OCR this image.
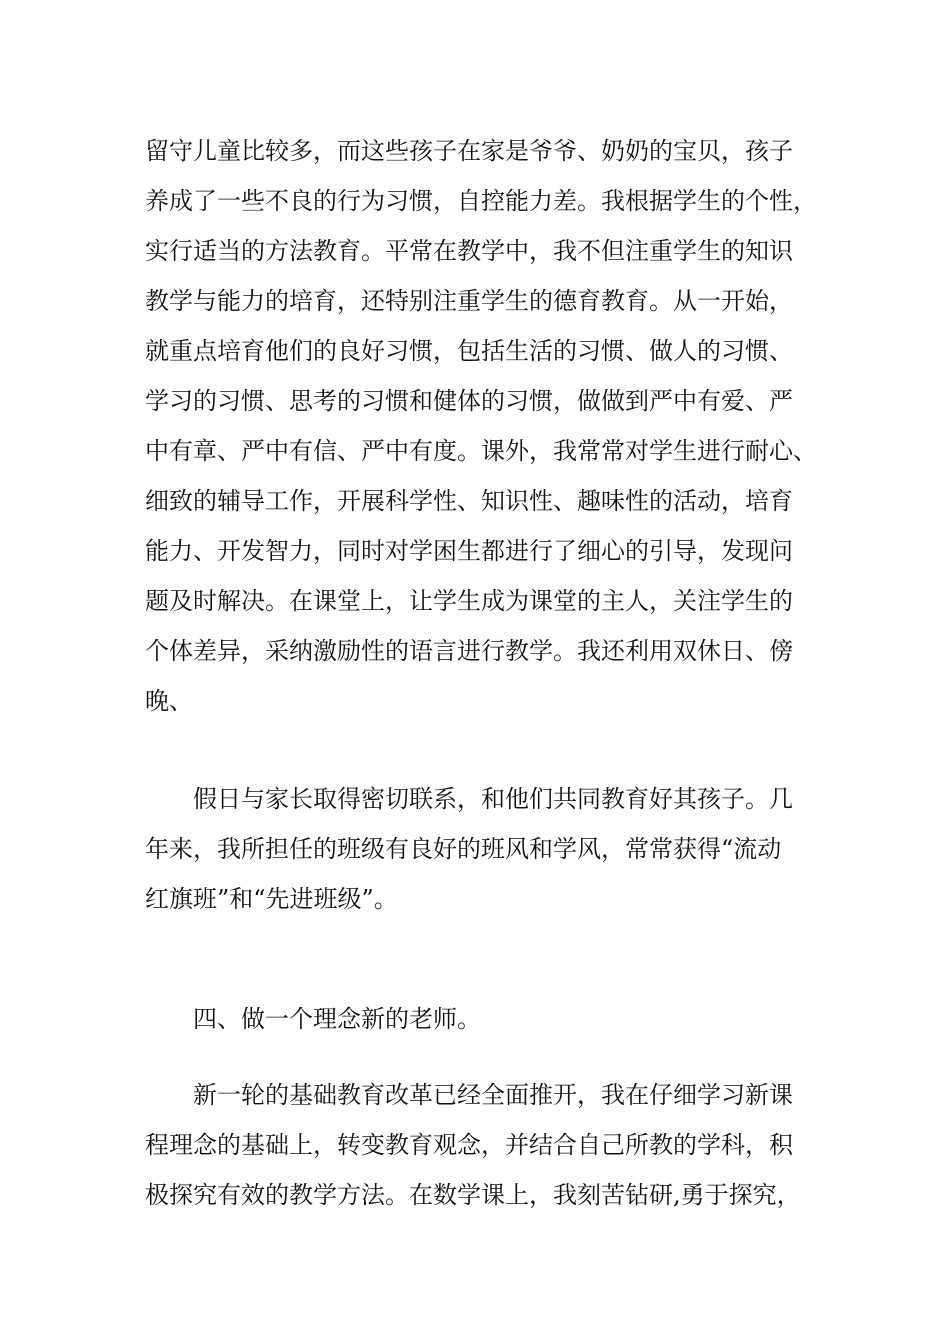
留守儿童比较多，而这些孩子在家是爷爷、奶奶的宝贝，孩子
养成了一些不良的行为习惯，自控能力差。我根据学生的个性，
实行适当的方法教育。平常在教学中，我不但注重学生的知识
教学与能力的培育，还特别注重学生的德育教育。从一开始，
就重点培育他们的良好习惯，包括生活的习惯、做人的习惯、
学习的习惯、思考的习惯和健体的习惯，做做到严中有爱、严
中有章、严中有信、严中有度。课外，我常常对学生进行耐心、
细致的辅导工作，开展科学性、知识性、趣味性的活动，培育
能力、开发智力，同时对学困生都进行了细心的引导，发现问
题及时解决。在课堂上，让学生成为课堂的主人，关注学生的
个体差异，采纳激励性的语言进行教学。我还利用双休日、傍
晚、
假日与家长取得密切联系，和他们共同教育好其孩子。几
年来，我所担任的班级有良好的班风和学风，常常获得“流动
红旗班”和“先进班级”。
四、做一个理念新的老师。
新一轮的基础教育改革已经全面推开，我在仔细学习新课
程理念的基础上，转变教育观念，并结合自己所教的学科，积
极探究有效的教学方法。在数学课上，我刻苦钻研,勇于探究，
